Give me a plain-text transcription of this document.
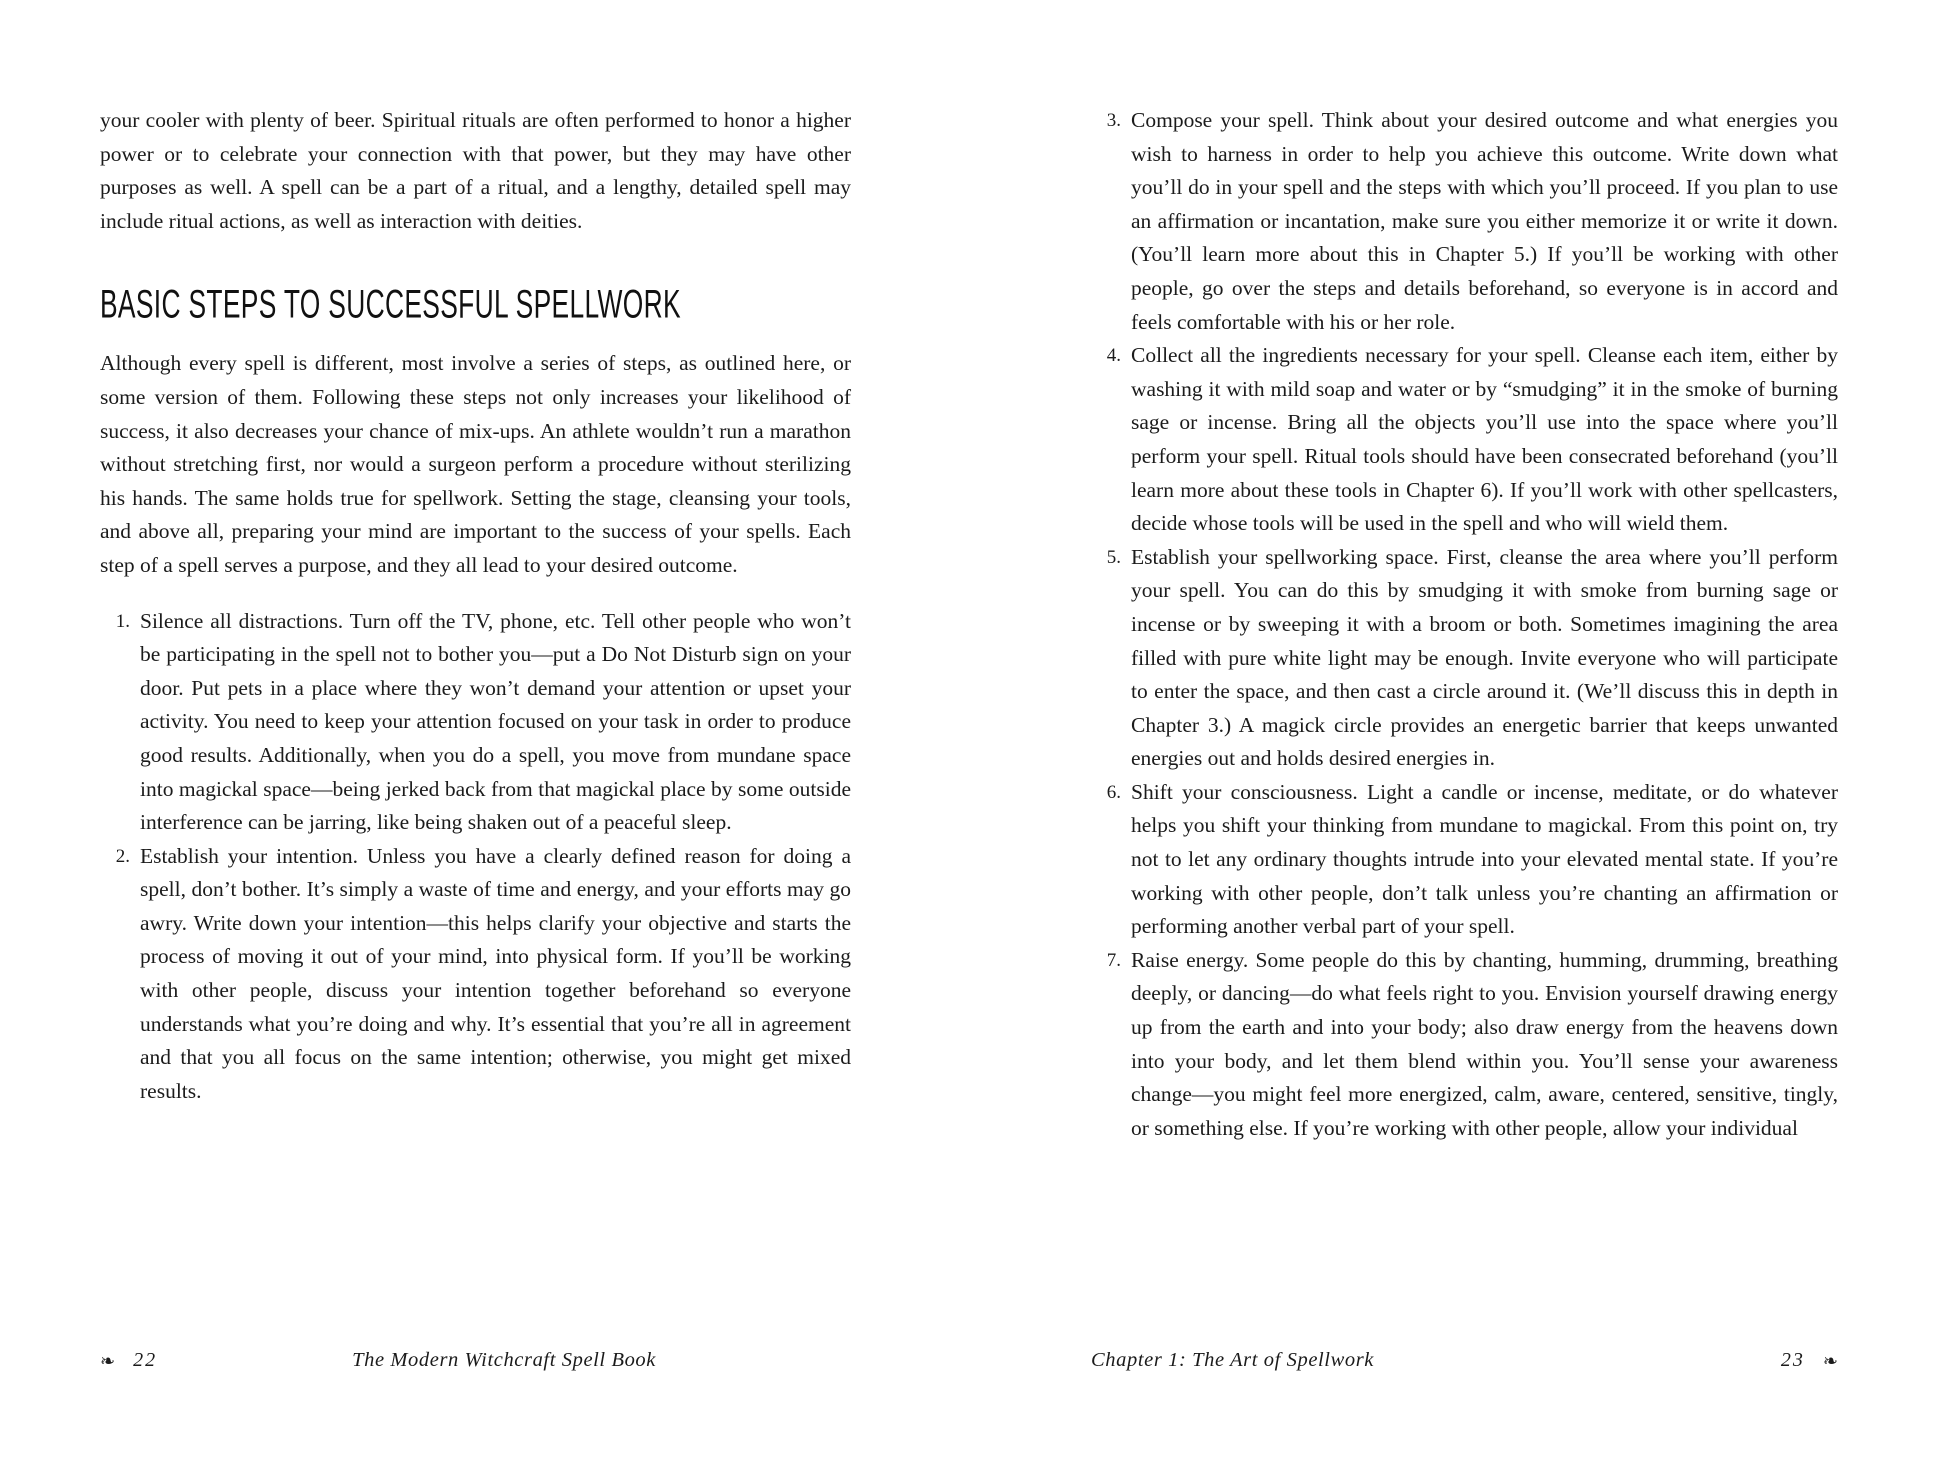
your cooler with plenty of beer. Spiritual rituals are often performed to honor a higher power or to celebrate your connection with that power, but they may have other purposes as well. A spell can be a part of a ritual, and a lengthy, detailed spell may include ritual actions, as well as interaction with deities.

BASIC STEPS TO SUCCESSFUL SPELLWORK

Although every spell is different, most involve a series of steps, as outlined here, or some version of them. Following these steps not only increases your likelihood of success, it also decreases your chance of mix-ups. An athlete wouldn’t run a marathon without stretching first, nor would a surgeon perform a procedure without sterilizing his hands. The same holds true for spellwork. Setting the stage, cleansing your tools, and above all, preparing your mind are important to the success of your spells. Each step of a spell serves a purpose, and they all lead to your desired outcome.

Silence all distractions. Turn off the TV, phone, etc. Tell other people who won’t be participating in the spell not to bother you—put a Do Not Disturb sign on your door. Put pets in a place where they won’t demand your attention or upset your activity. You need to keep your attention focused on your task in order to produce good results. Additionally, when you do a spell, you move from mundane space into magickal space—being jerked back from that magickal place by some outside interference can be jarring, like being shaken out of a peaceful sleep.
Establish your intention. Unless you have a clearly defined reason for doing a spell, don’t bother. It’s simply a waste of time and energy, and your efforts may go awry. Write down your intention—this helps clarify your objective and starts the process of moving it out of your mind, into physical form. If you’ll be working with other people, discuss your intention together beforehand so everyone understands what you’re doing and why. It’s essential that you’re all in agreement and that you all focus on the same intention; otherwise, you might get mixed results.
❧ 22	The Modern Witchcraft Spell Book
Compose your spell. Think about your desired outcome and what energies you wish to harness in order to help you achieve this outcome. Write down what you’ll do in your spell and the steps with which you’ll proceed. If you plan to use an affirmation or incantation, make sure you either memorize it or write it down. (You’ll learn more about this in Chapter 5.) If you’ll be working with other people, go over the steps and details beforehand, so everyone is in accord and feels comfortable with his or her role.
Collect all the ingredients necessary for your spell. Cleanse each item, either by washing it with mild soap and water or by “smudging” it in the smoke of burning sage or incense. Bring all the objects you’ll use into the space where you’ll perform your spell. Ritual tools should have been consecrated beforehand (you’ll learn more about these tools in Chapter 6). If you’ll work with other spellcasters, decide whose tools will be used in the spell and who will wield them.
Establish your spellworking space. First, cleanse the area where you’ll perform your spell. You can do this by smudging it with smoke from burning sage or incense or by sweeping it with a broom or both. Sometimes imagining the area filled with pure white light may be enough. Invite everyone who will participate to enter the space, and then cast a circle around it. (We’ll discuss this in depth in Chapter 3.) A magick circle provides an energetic barrier that keeps unwanted energies out and holds desired energies in.
Shift your consciousness. Light a candle or incense, meditate, or do whatever helps you shift your thinking from mundane to magickal. From this point on, try not to let any ordinary thoughts intrude into your elevated mental state. If you’re working with other people, don’t talk unless you’re chanting an affirmation or performing another verbal part of your spell.
Raise energy. Some people do this by chanting, humming, drumming, breathing deeply, or dancing—do what feels right to you. Envision yourself drawing energy up from the earth and into your body; also draw energy from the heavens down into your body, and let them blend within you. You’ll sense your awareness change—you might feel more energized, calm, aware, centered, sensitive, tingly, or something else. If you’re working with other people, allow your individual
Chapter 1: The Art of Spellwork	23 ❧
